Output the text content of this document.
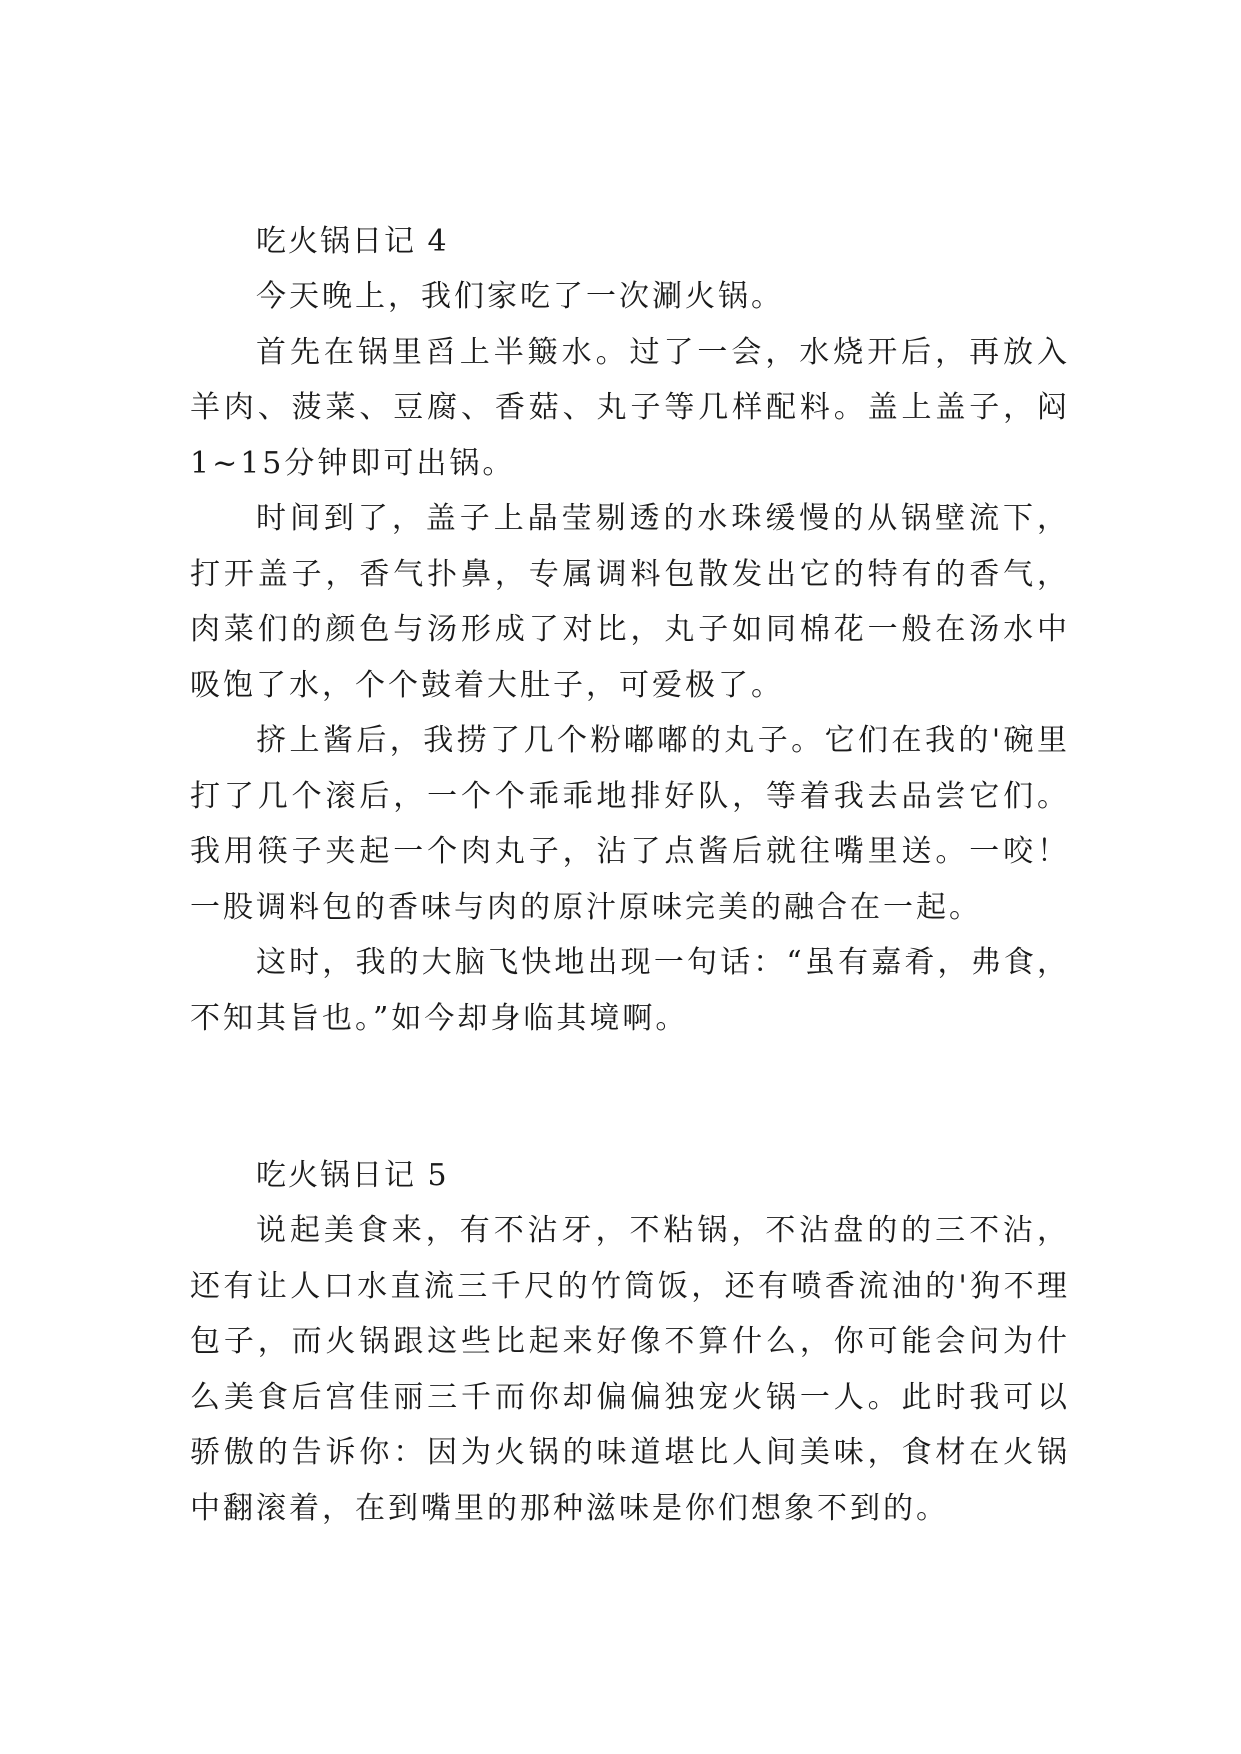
吃火锅日记 4

今天晚上，我们家吃了一次涮火锅。

首先在锅里舀上半簸水。过了一会，水烧开后，再放入羊肉、菠菜、豆腐、香菇、丸子等几样配料。盖上盖子，闷1~15分钟即可出锅。

时间到了，盖子上晶莹剔透的水珠缓慢的从锅壁流下，打开盖子，香气扑鼻，专属调料包散发出它的特有的香气，肉菜们的颜色与汤形成了对比，丸子如同棉花一般在汤水中吸饱了水，个个鼓着大肚子，可爱极了。

挤上酱后，我捞了几个粉嘟嘟的丸子。它们在我的'碗里打了几个滚后，一个个乖乖地排好队，等着我去品尝它们。我用筷子夹起一个肉丸子，沾了点酱后就往嘴里送。一咬！一股调料包的香味与肉的原汁原味完美的融合在一起。

这时，我的大脑飞快地出现一句话：“虽有嘉肴，弗食，不知其旨也。”如今却身临其境啊。

吃火锅日记 5

说起美食来，有不沾牙，不粘锅，不沾盘的的三不沾，还有让人口水直流三千尺的竹筒饭，还有喷香流油的'狗不理包子，而火锅跟这些比起来好像不算什么，你可能会问为什么美食后宫佳丽三千而你却偏偏独宠火锅一人。此时我可以骄傲的告诉你：因为火锅的味道堪比人间美味，食材在火锅中翻滚着，在到嘴里的那种滋味是你们想象不到的。
